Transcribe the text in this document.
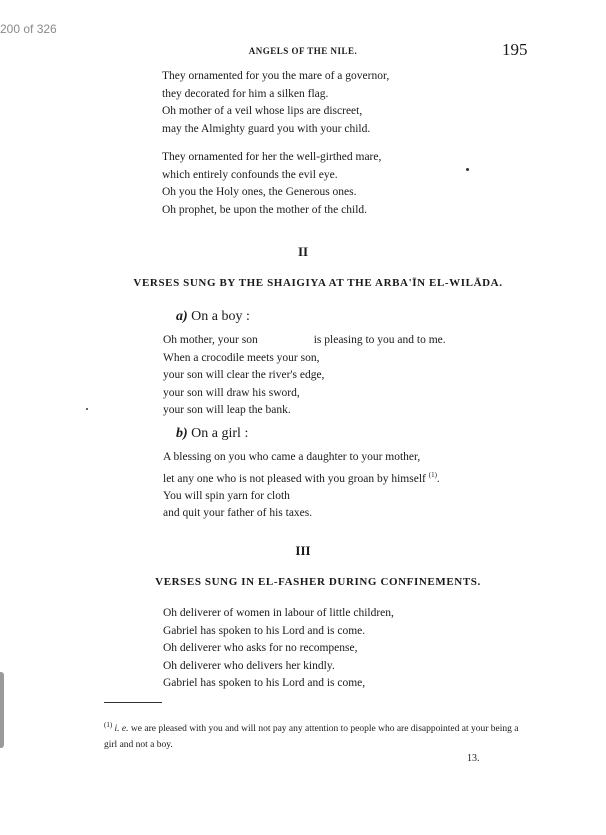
200 of 326
ANGELS OF THE NILE.	195
They ornamented for you the mare of a governor,
they decorated for him a silken flag.
Oh mother of a veil whose lips are discreet,
may the Almighty guard you with your child.
They ornamented for her the well-girthed mare,
which entirely confounds the evil eye.
Oh you the Holy ones, the Generous ones.
Oh prophet, be upon the mother of the child.
II
VERSES SUNG BY THE SHAIGIYA AT THE ARBA'ĪN EL-WILĀDA.
a) On a boy :
Oh mother, your son	is pleasing to you and to me.
When a crocodile meets your son,
your son will clear the river's edge,
your son will draw his sword,
your son will leap the bank.
b) On a girl :
A blessing on you who came a daughter to your mother,
let any one who is not pleased with you groan by himself $^{(1)}$.
You will spin yarn for cloth
and quit your father of his taxes.
III
VERSES SUNG IN EL-FASHER DURING CONFINEMENTS.
Oh deliverer of women in labour of little children,
Gabriel has spoken to his Lord and is come.
Oh deliverer who asks for no recompense,
Oh deliverer who delivers her kindly.
Gabriel has spoken to his Lord and is come,
$^{(1)}$ i. e. we are pleased with you and will not pay any attention to people who are disappointed at your being a girl and not a boy.
13.
